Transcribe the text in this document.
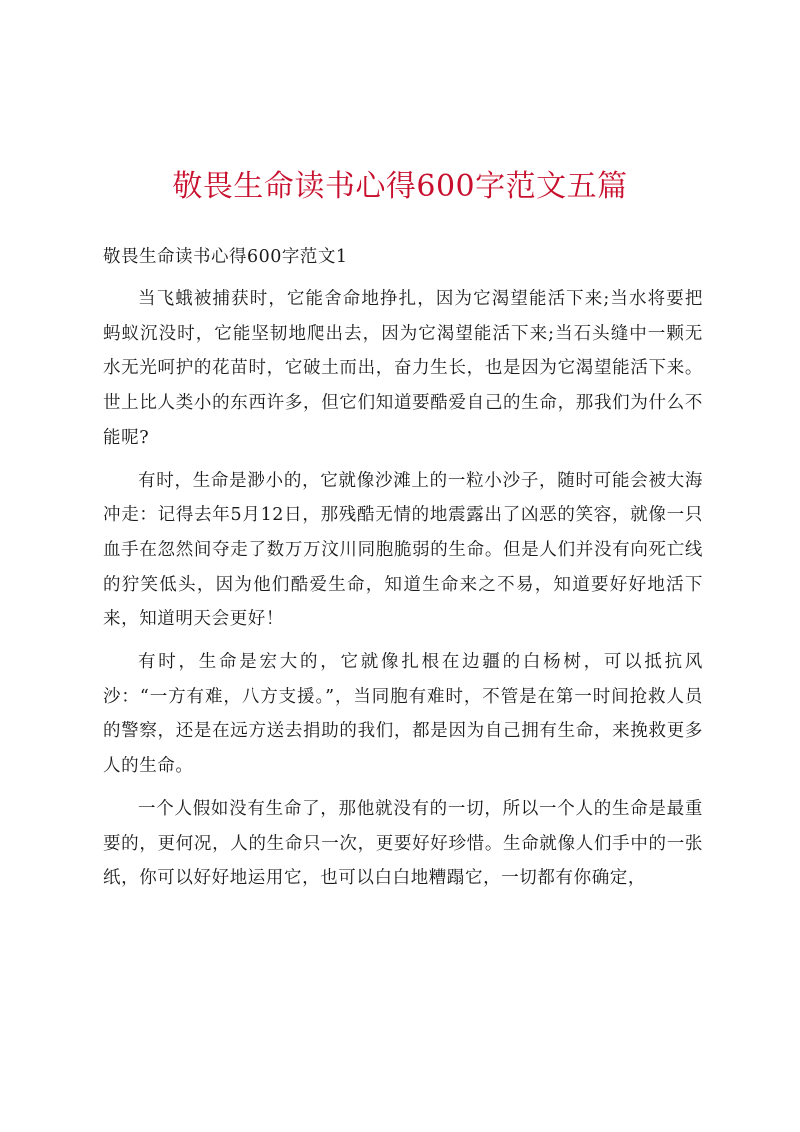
敬畏生命读书心得600字范文五篇

敬畏生命读书心得600字范文1

当飞蛾被捕获时，它能舍命地挣扎，因为它渴望能活下来;当水将要把蚂蚁沉没时，它能坚韧地爬出去，因为它渴望能活下来;当石头缝中一颗无水无光呵护的花苗时，它破土而出，奋力生长，也是因为它渴望能活下来。世上比人类小的东西许多，但它们知道要酷爱自己的生命，那我们为什么不能呢?

有时，生命是渺小的，它就像沙滩上的一粒小沙子，随时可能会被大海冲走：记得去年5月12日，那残酷无情的地震露出了凶恶的笑容，就像一只血手在忽然间夺走了数万万汶川同胞脆弱的生命。但是人们并没有向死亡线的狞笑低头，因为他们酷爱生命，知道生命来之不易，知道要好好地活下来，知道明天会更好！

有时，生命是宏大的，它就像扎根在边疆的白杨树，可以抵抗风沙：“一方有难，八方支援。”，当同胞有难时，不管是在第一时间抢救人员的警察，还是在远方送去捐助的我们，都是因为自己拥有生命，来挽救更多人的生命。

一个人假如没有生命了，那他就没有的一切，所以一个人的生命是最重要的，更何况，人的生命只一次，更要好好珍惜。生命就像人们手中的一张纸，你可以好好地运用它，也可以白白地糟蹋它，一切都有你确定，
